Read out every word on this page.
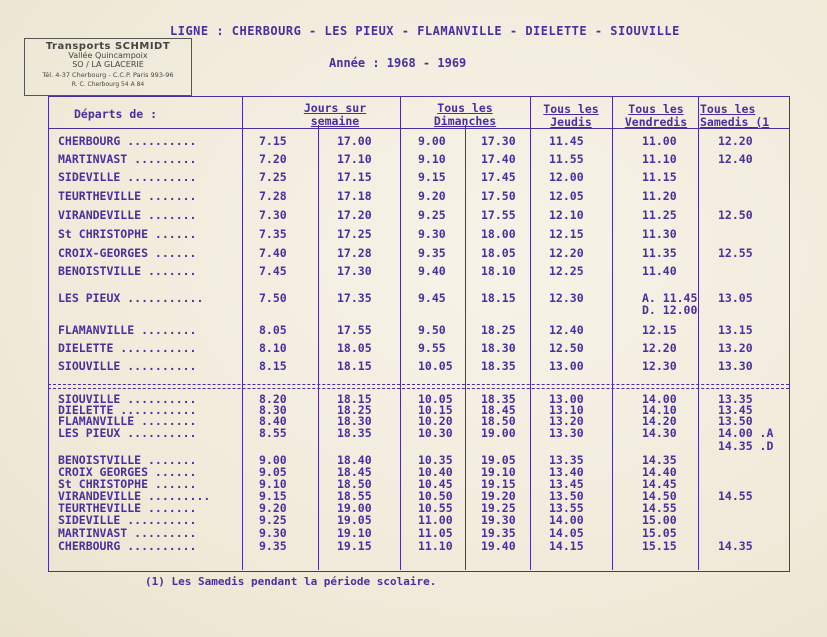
LIGNE : CHERBOURG - LES PIEUX - FLAMANVILLE - DIELETTE - SIOUVILLE
Année : 1968 - 1969
Transports SCHMIDT
Vallée Quincampoix
SO / LA GLACERIE
Tél. 4-37 Cherbourg - C.C.P. Paris 993-96
R. C. Cherbourg 54 A 84
Départs de :	Jours sur semaine
Tous les Dimanches
Tous les Jeudis
Tous les Vendredis
Tous les Samedis (1
CHERBOURG ..........	7.15	17.00	9.00	17.30	11.45	11.00	12.20
MARTINVAST .........	7.20	17.10	9.10	17.40	11.55	11.10	12.40
SIDEVILLE ..........	7.25	17.15	9.15	17.45	12.00	11.15
TEURTHEVILLE .......	7.28	17.18	9.20	17.50	12.05	11.20
VIRANDEVILLE .......	7.30	17.20	9.25	17.55	12.10	11.25	12.50
St CHRISTOPHE ......	7.35	17.25	9.30	18.00	12.15	11.30
CROIX-GEORGES ......	7.40	17.28	9.35	18.05	12.20	11.35	12.55
BENOISTVILLE .......	7.45	17.30	9.40	18.10	12.25	11.40
LES PIEUX ...........	7.50	17.35	9.45	18.15	12.30	A. 11.45 13.05
D. 12.00
FLAMANVILLE ........	8.05	17.55	9.50	18.25	12.40	12.15	13.15
DIELETTE ...........	8.10	18.05	9.55	18.30	12.50	12.20	13.20
SIOUVILLE ..........	8.15	18.15	10.05 18.35	13.00	12.30	13.30
SIOUVILLE ..........	8.20	18.15	10.05 18.35	13.00	14.00	13.35
DIELETTE ...........	8.30	18.25	10.15 18.45	13.10	14.10	13.45
FLAMANVILLE ........	8.40	18.30	10.20 18.50	13.20	14.20	13.50
LES PIEUX ..........	8.55	18.35	10.30 19.00	13.30	14.30	14.00 .A
14.35 .D
BENOISTVILLE .......	9.00	18.40	10.35 19.05	13.35	14.35
CROIX GEORGES ......	9.05	18.45	10.40 19.10	13.40	14.40
St CHRISTOPHE ......	9.10	18.50	10.45 19.15	13.45	14.45
VIRANDEVILLE .........	9.15	18.55	10.50 19.20	13.50	14.50	14.55
TEURTHEVILLE .......	9.20	19.00	10.55 19.25	13.55	14.55
SIDEVILLE ..........	9.25	19.05	11.00 19.30	14.00	15.00
MARTINVAST .........	9.30	19.10	11.05 19.35	14.05	15.05
CHERBOURG ..........	9.35	19.15	11.10 19.40	14.15	15.15	14.35
(1) Les Samedis pendant la période scolaire.
